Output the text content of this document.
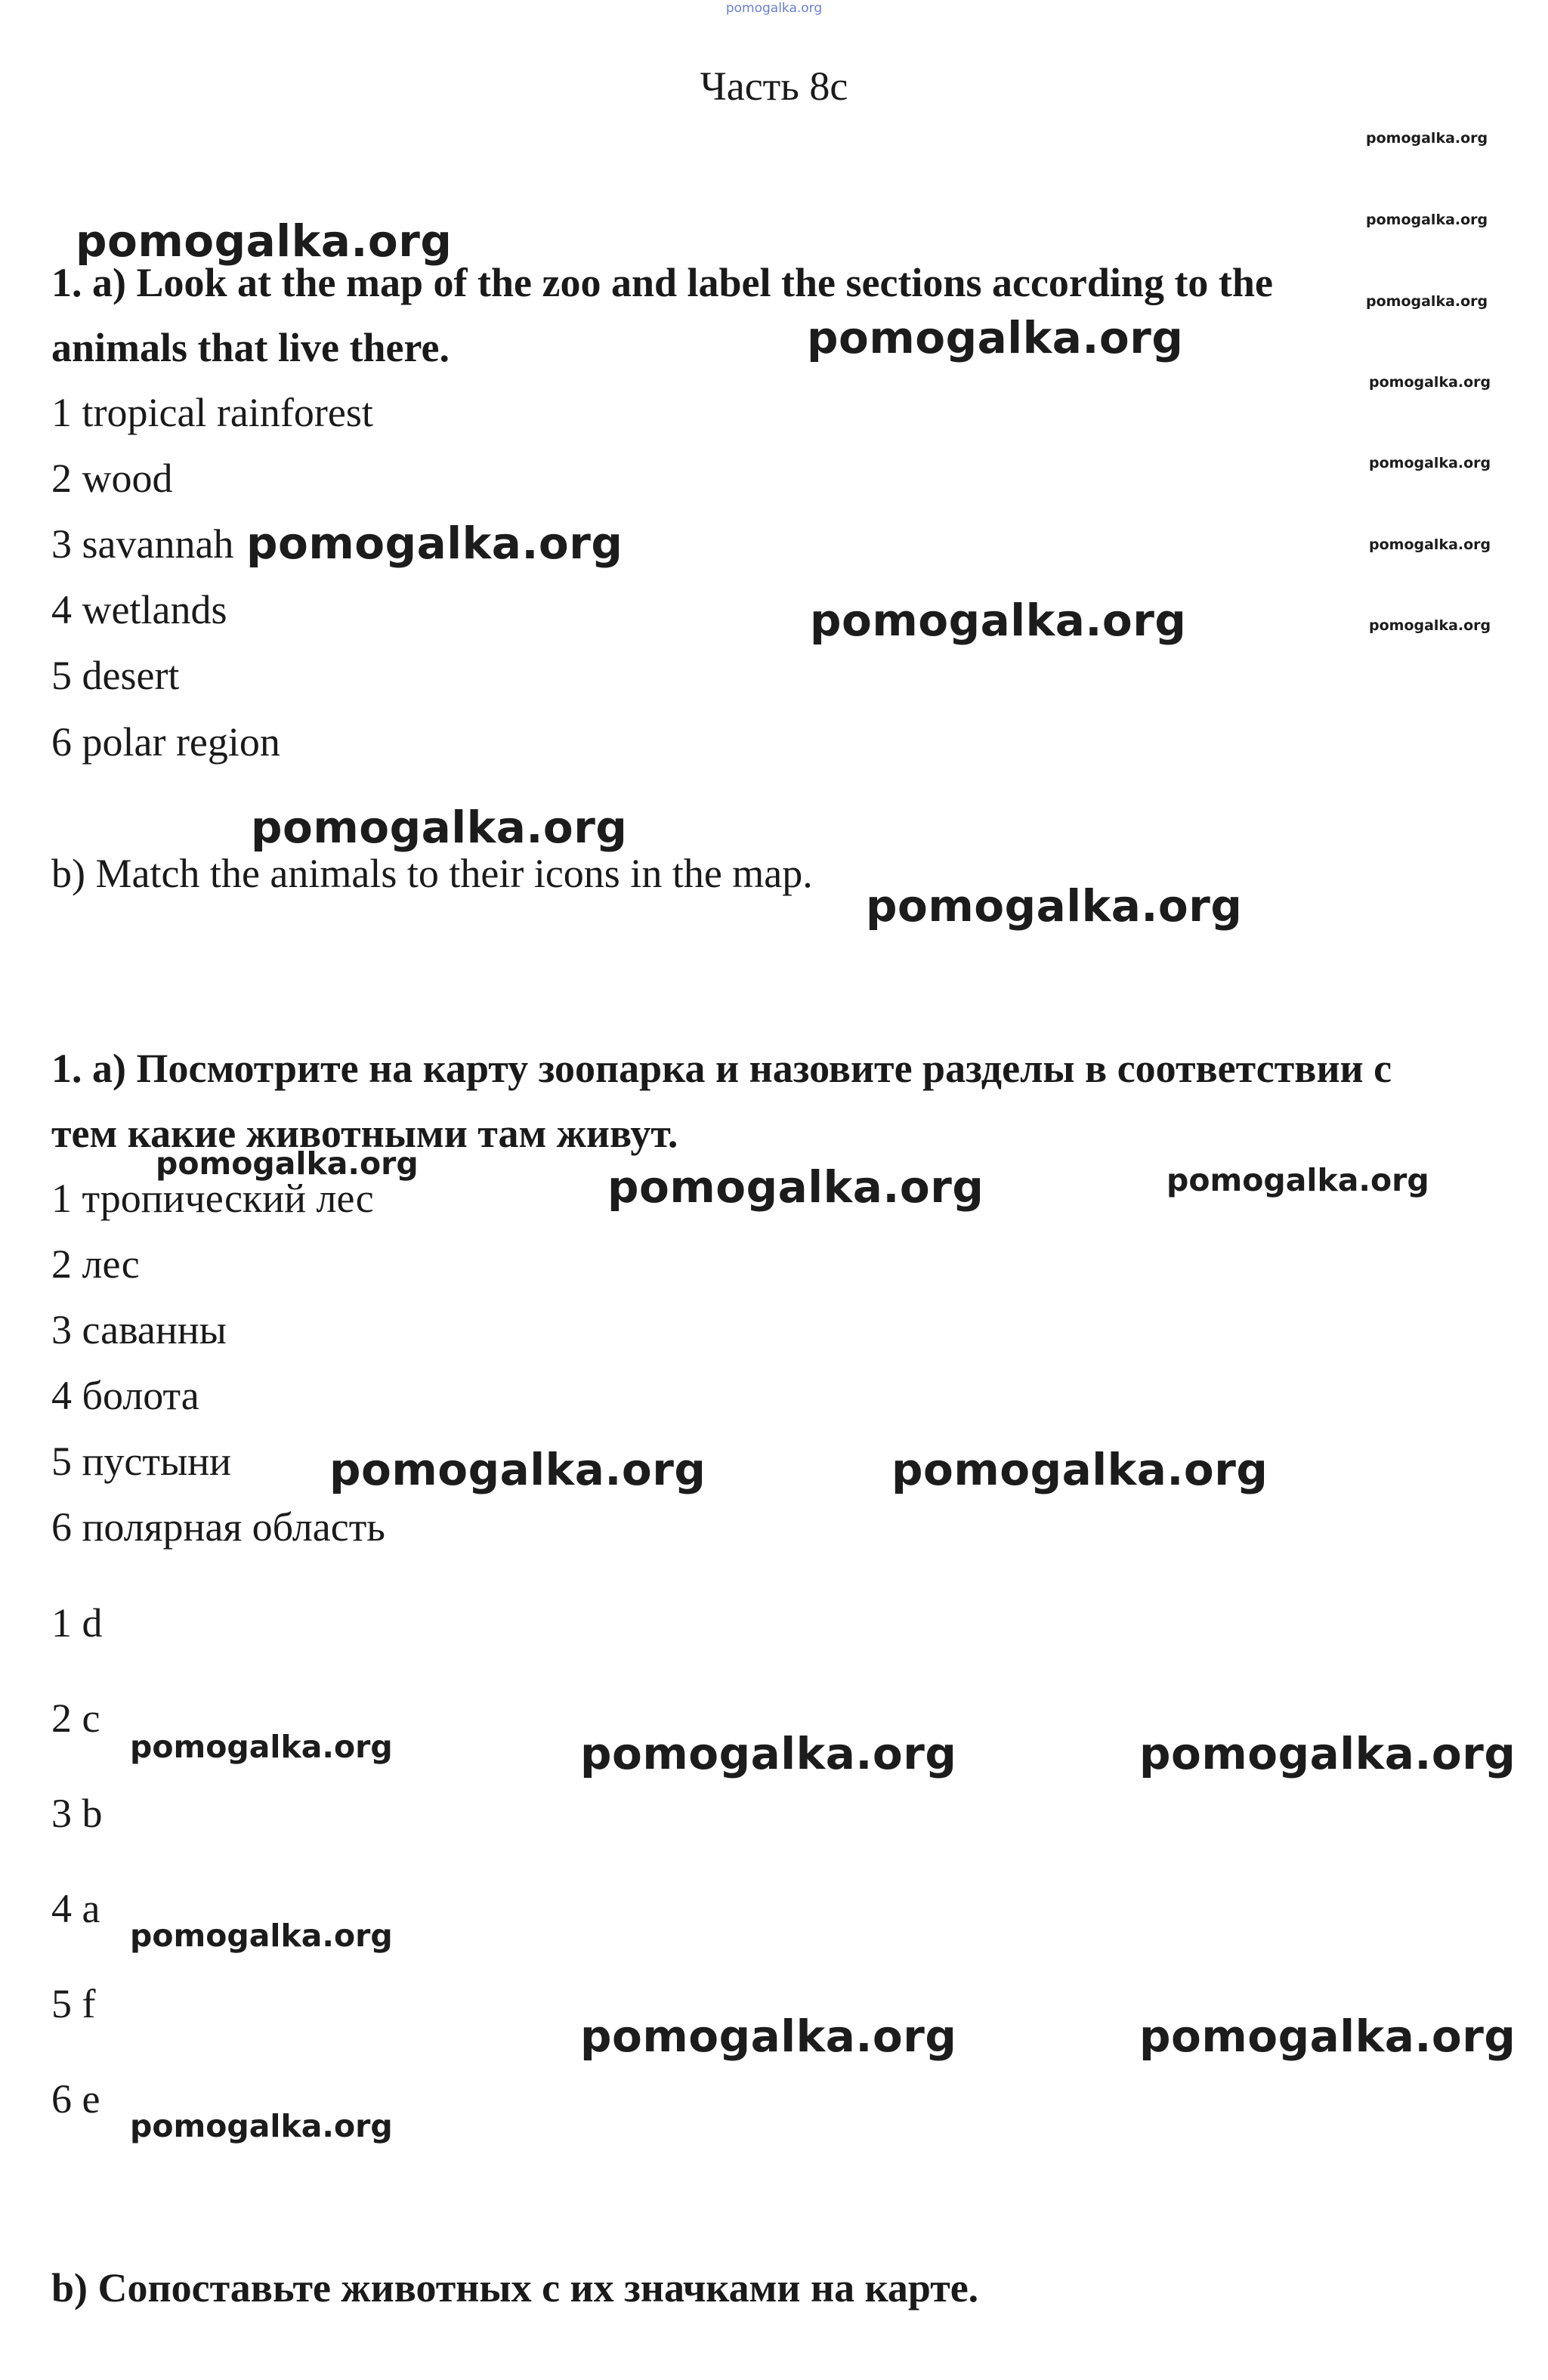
pomogalka.org
Часть 8с
1. a) Look at the map of the zoo and label the sections according to the
animals that live there.
1 tropical rainforest
2 wood
3 savannah
4 wetlands
5 desert
6 polar region
b) Match the animals to their icons in the map.
1. а) Посмотрите на карту зоопарка и назовите разделы в соответствии с
тем какие животными там живут.
1 тропический лес
2 лес
3 саванны
4 болота
5 пустыни
6 полярная область
1 d
2 c
3 b
4 a
5 f
6 e
b) Сопоставьте животных с их значками на карте.
pomogalka.org
pomogalka.org
pomogalka.org
pomogalka.org
pomogalka.org
pomogalka.org
pomogalka.org
pomogalka.org
pomogalka.org
pomogalka.org
pomogalka.org
pomogalka.org
pomogalka.org
pomogalka.org
pomogalka.org	pomogalka.org
pomogalka.org	pomogalka.org
pomogalka.org	pomogalka.org
pomogalka.org	pomogalka.org
pomogalka.org
pomogalka.org
pomogalka.org
